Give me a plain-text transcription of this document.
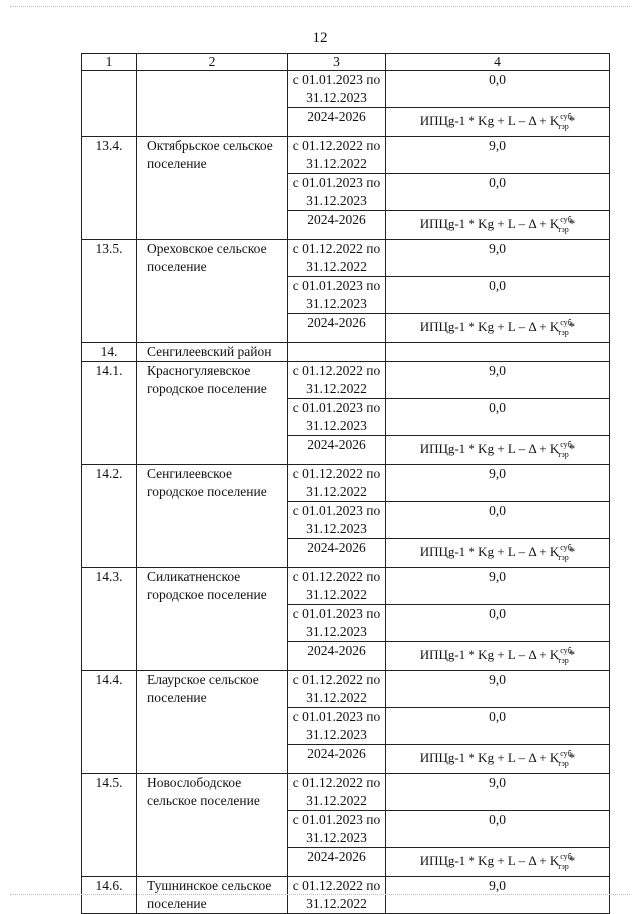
12
1	2	3	4
		с 01.01.2023 по 31.12.2023	0,0
		2024-2026	ИПЦg-1 * $Kg + L - \Delta + K^{суб}_{тэр}*$
13.4.	Октябрьское сельское поселение	с 01.12.2022 по 31.12.2022	9,0
		с 01.01.2023 по 31.12.2023	0,0
		2024-2026	ИПЦg-1 * $Kg + L - \Delta + K^{суб}_{тэр}*$
13.5.	Ореховское сельское поселение	с 01.12.2022 по 31.12.2022	9,0
		с 01.01.2023 по 31.12.2023	0,0
		2024-2026	ИПЦg-1 * $Kg + L - \Delta + K^{суб}_{тэр}*$
14.	Сенгилеевский район		
14.1.	Красногуляевское городское поселение	с 01.12.2022 по 31.12.2022	9,0
		с 01.01.2023 по 31.12.2023	0,0
		2024-2026	ИПЦg-1 * $Kg + L - \Delta + K^{суб}_{тэр}*$
14.2.	Сенгилеевское городское поселение	с 01.12.2022 по 31.12.2022	9,0
		с 01.01.2023 по 31.12.2023	0,0
		2024-2026	ИПЦg-1 * $Kg + L - \Delta + K^{суб}_{тэр}*$
14.3.	Силикатненское городское поселение	с 01.12.2022 по 31.12.2022	9,0
		с 01.01.2023 по 31.12.2023	0,0
		2024-2026	ИПЦg-1 * $Kg + L - \Delta + K^{суб}_{тэр}*$
14.4.	Елаурское сельское поселение	с 01.12.2022 по 31.12.2022	9,0
		с 01.01.2023 по 31.12.2023	0,0
		2024-2026	ИПЦg-1 * $Kg + L - \Delta + K^{суб}_{тэр}*$
14.5.	Новослободское сельское поселение	с 01.12.2022 по 31.12.2022	9,0
		с 01.01.2023 по 31.12.2023	0,0
		2024-2026	ИПЦg-1 * $Kg + L - \Delta + K^{суб}_{тэр}*$
14.6.	Тушнинское сельское поселение	с 01.12.2022 по 31.12.2022	9,0
